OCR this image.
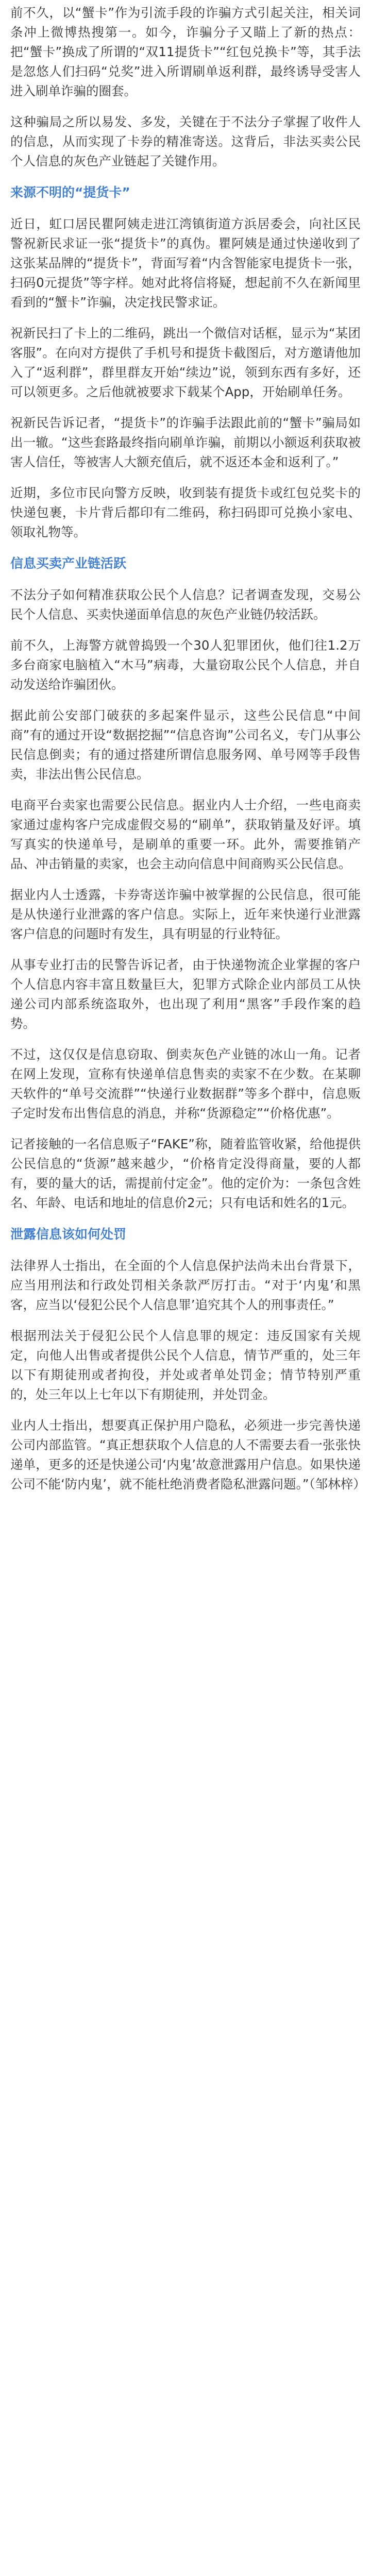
前不久，以“蟹卡”作为引流手段的诈骗方式引起关注，相关词条冲上微博热搜第一。如今，诈骗分子又瞄上了新的热点：把“蟹卡”换成了所谓的“双11提货卡”“红包兑换卡”等，其手法是忽悠人们扫码“兑奖”进入所谓刷单返利群，最终诱导受害人进入刷单诈骗的圈套。

这种骗局之所以易发、多发，关键在于不法分子掌握了收件人的信息，从而实现了卡券的精准寄送。这背后，非法买卖公民个人信息的灰色产业链起了关键作用。

来源不明的“提货卡”

近日，虹口居民瞿阿姨走进江湾镇街道方浜居委会，向社区民警祝新民求证一张“提货卡”的真伪。瞿阿姨是通过快递收到了这张某品牌的“提货卡”，背面写着“内含智能家电提货卡一张，扫码0元提货”等字样。她对此将信将疑，想起前不久在新闻里看到的“蟹卡”诈骗，决定找民警求证。

祝新民扫了卡上的二维码，跳出一个微信对话框，显示为“某团客服”。在向对方提供了手机号和提货卡截图后，对方邀请他加入了“返利群”，群里群友开始“续边”说，领到东西有多好，还可以领更多。之后他就被要求下载某个App，开始刷单任务。

祝新民告诉记者，“提货卡”的诈骗手法跟此前的“蟹卡”骗局如出一辙。“这些套路最终指向刷单诈骗，前期以小额返利获取被害人信任，等被害人大额充值后，就不返还本金和返利了。”

近期，多位市民向警方反映，收到装有提货卡或红包兑奖卡的快递包裹，卡片背后都印有二维码，称扫码即可兑换小家电、领取礼物等。

信息买卖产业链活跃

不法分子如何精准获取公民个人信息？记者调查发现，交易公民个人信息、买卖快递面单信息的灰色产业链仍较活跃。

前不久，上海警方就曾捣毁一个30人犯罪团伙，他们往1.2万多台商家电脑植入“木马”病毒，大量窃取公民个人信息，并自动发送给诈骗团伙。

据此前公安部门破获的多起案件显示，这些公民信息“中间商”有的通过开设“数据挖掘”“信息咨询”公司名义，专门从事公民信息倒卖；有的通过搭建所谓信息服务网、单号网等手段售卖，非法出售公民信息。

电商平台卖家也需要公民信息。据业内人士介绍，一些电商卖家通过虚构客户完成虚假交易的“刷单”，获取销量及好评。填写真实的快递单号，是刷单的重要一环。此外，需要推销产品、冲击销量的卖家，也会主动向信息中间商购买公民信息。

据业内人士透露，卡券寄送诈骗中被掌握的公民信息，很可能是从快递行业泄露的客户信息。实际上，近年来快递行业泄露客户信息的问题时有发生，具有明显的行业特征。

从事专业打击的民警告诉记者，由于快递物流企业掌握的客户个人信息内容丰富且数量巨大，犯罪方式除企业内部员工从快递公司内部系统盗取外，也出现了利用“黑客”手段作案的趋势。

不过，这仅仅是信息窃取、倒卖灰色产业链的冰山一角。记者在网上发现，宣称有快递单信息售卖的卖家不在少数。在某聊天软件的“单号交流群”“快递行业数据群”等多个群中，信息贩子定时发布出售信息的消息，并称“货源稳定”“价格优惠”。

记者接触的一名信息贩子“FAKE”称，随着监管收紧，给他提供公民信息的“货源”越来越少，“价格肯定没得商量，要的人都有，要的量大的话，需提前付定金”。他的定价为：一条包含姓名、年龄、电话和地址的信息价2元；只有电话和姓名的1元。

泄露信息该如何处罚

法律界人士指出，在全面的个人信息保护法尚未出台背景下，应当用刑法和行政处罚相关条款严厉打击。“对于‘内鬼’和黑客，应当以‘侵犯公民个人信息罪’追究其个人的刑事责任。”

根据刑法关于侵犯公民个人信息罪的规定：违反国家有关规定，向他人出售或者提供公民个人信息，情节严重的，处三年以下有期徒刑或者拘役，并处或者单处罚金；情节特别严重的，处三年以上七年以下有期徒刑，并处罚金。

业内人士指出，想要真正保护用户隐私，必须进一步完善快递公司内部监管。“真正想获取个人信息的人不需要去看一张张快递单，更多的还是快递公司‘内鬼’故意泄露用户信息。如果快递公司不能‘防内鬼’，就不能杜绝消费者隐私泄露问题。”（邹林梓）
